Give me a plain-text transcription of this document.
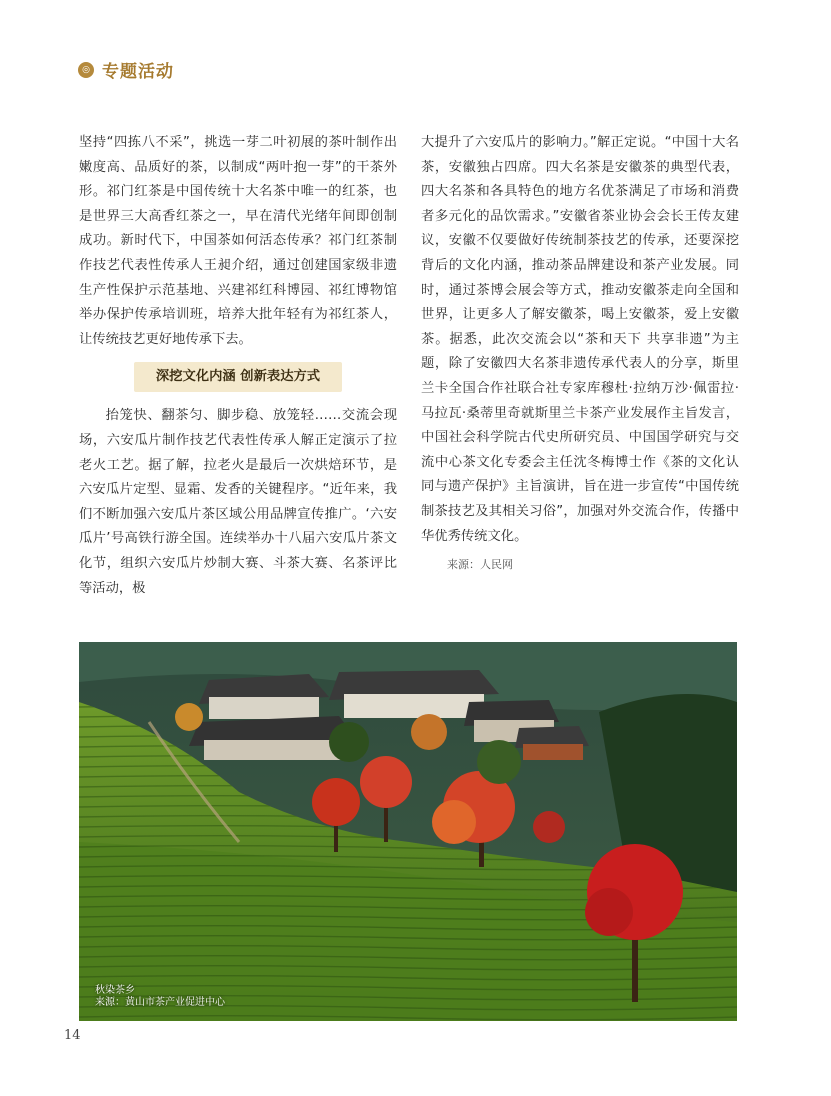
◎ 专题活动

坚持“四拣八不采”，挑选一芽二叶初展的茶叶制作出嫩度高、品质好的茶，以制成“两叶抱一芽”的干茶外形。祁门红茶是中国传统十大名茶中唯一的红茶，也是世界三大高香红茶之一，早在清代光绪年间即创制成功。新时代下，中国茶如何活态传承？祁门红茶制作技艺代表性传承人王昶介绍，通过创建国家级非遗生产性保护示范基地、兴建祁红科博园、祁红博物馆举办保护传承培训班，培养大批年轻有为祁红茶人，让传统技艺更好地传承下去。

深挖文化内涵 创新表达方式

抬笼快、翻茶匀、脚步稳、放笼轻……交流会现场，六安瓜片制作技艺代表性传承人解正定演示了拉老火工艺。据了解，拉老火是最后一次烘焙环节，是六安瓜片定型、显霜、发香的关键程序。“近年来，我们不断加强六安瓜片茶区域公用品牌宣传推广。‘六安瓜片’号高铁行游全国。连续举办十八届六安瓜片茶文化节，组织六安瓜片炒制大赛、斗茶大赛、名茶评比等活动，极

大提升了六安瓜片的影响力。”解正定说。“中国十大名茶，安徽独占四席。四大名茶是安徽茶的典型代表，四大名茶和各具特色的地方名优茶满足了市场和消费者多元化的品饮需求。”安徽省茶业协会会长王传友建议，安徽不仅要做好传统制茶技艺的传承，还要深挖背后的文化内涵，推动茶品牌建设和茶产业发展。同时，通过茶博会展会等方式，推动安徽茶走向全国和世界，让更多人了解安徽茶，喝上安徽茶，爱上安徽茶。据悉，此次交流会以“茶和天下 共享非遗”为主题，除了安徽四大名茶非遗传承代表人的分享，斯里兰卡全国合作社联合社专家库穆杜·拉纳万沙·佩雷拉·马拉瓦·桑蒂里奇就斯里兰卡茶产业发展作主旨发言，中国社会科学院古代史所研究员、中国国学研究与交流中心茶文化专委会主任沈冬梅博士作《茶的文化认同与遗产保护》主旨演讲，旨在进一步宣传“中国传统制茶技艺及其相关习俗”，加强对外交流合作，传播中华优秀传统文化。

来源：人民网
秋染茶乡
来源：黄山市茶产业促进中心
14
